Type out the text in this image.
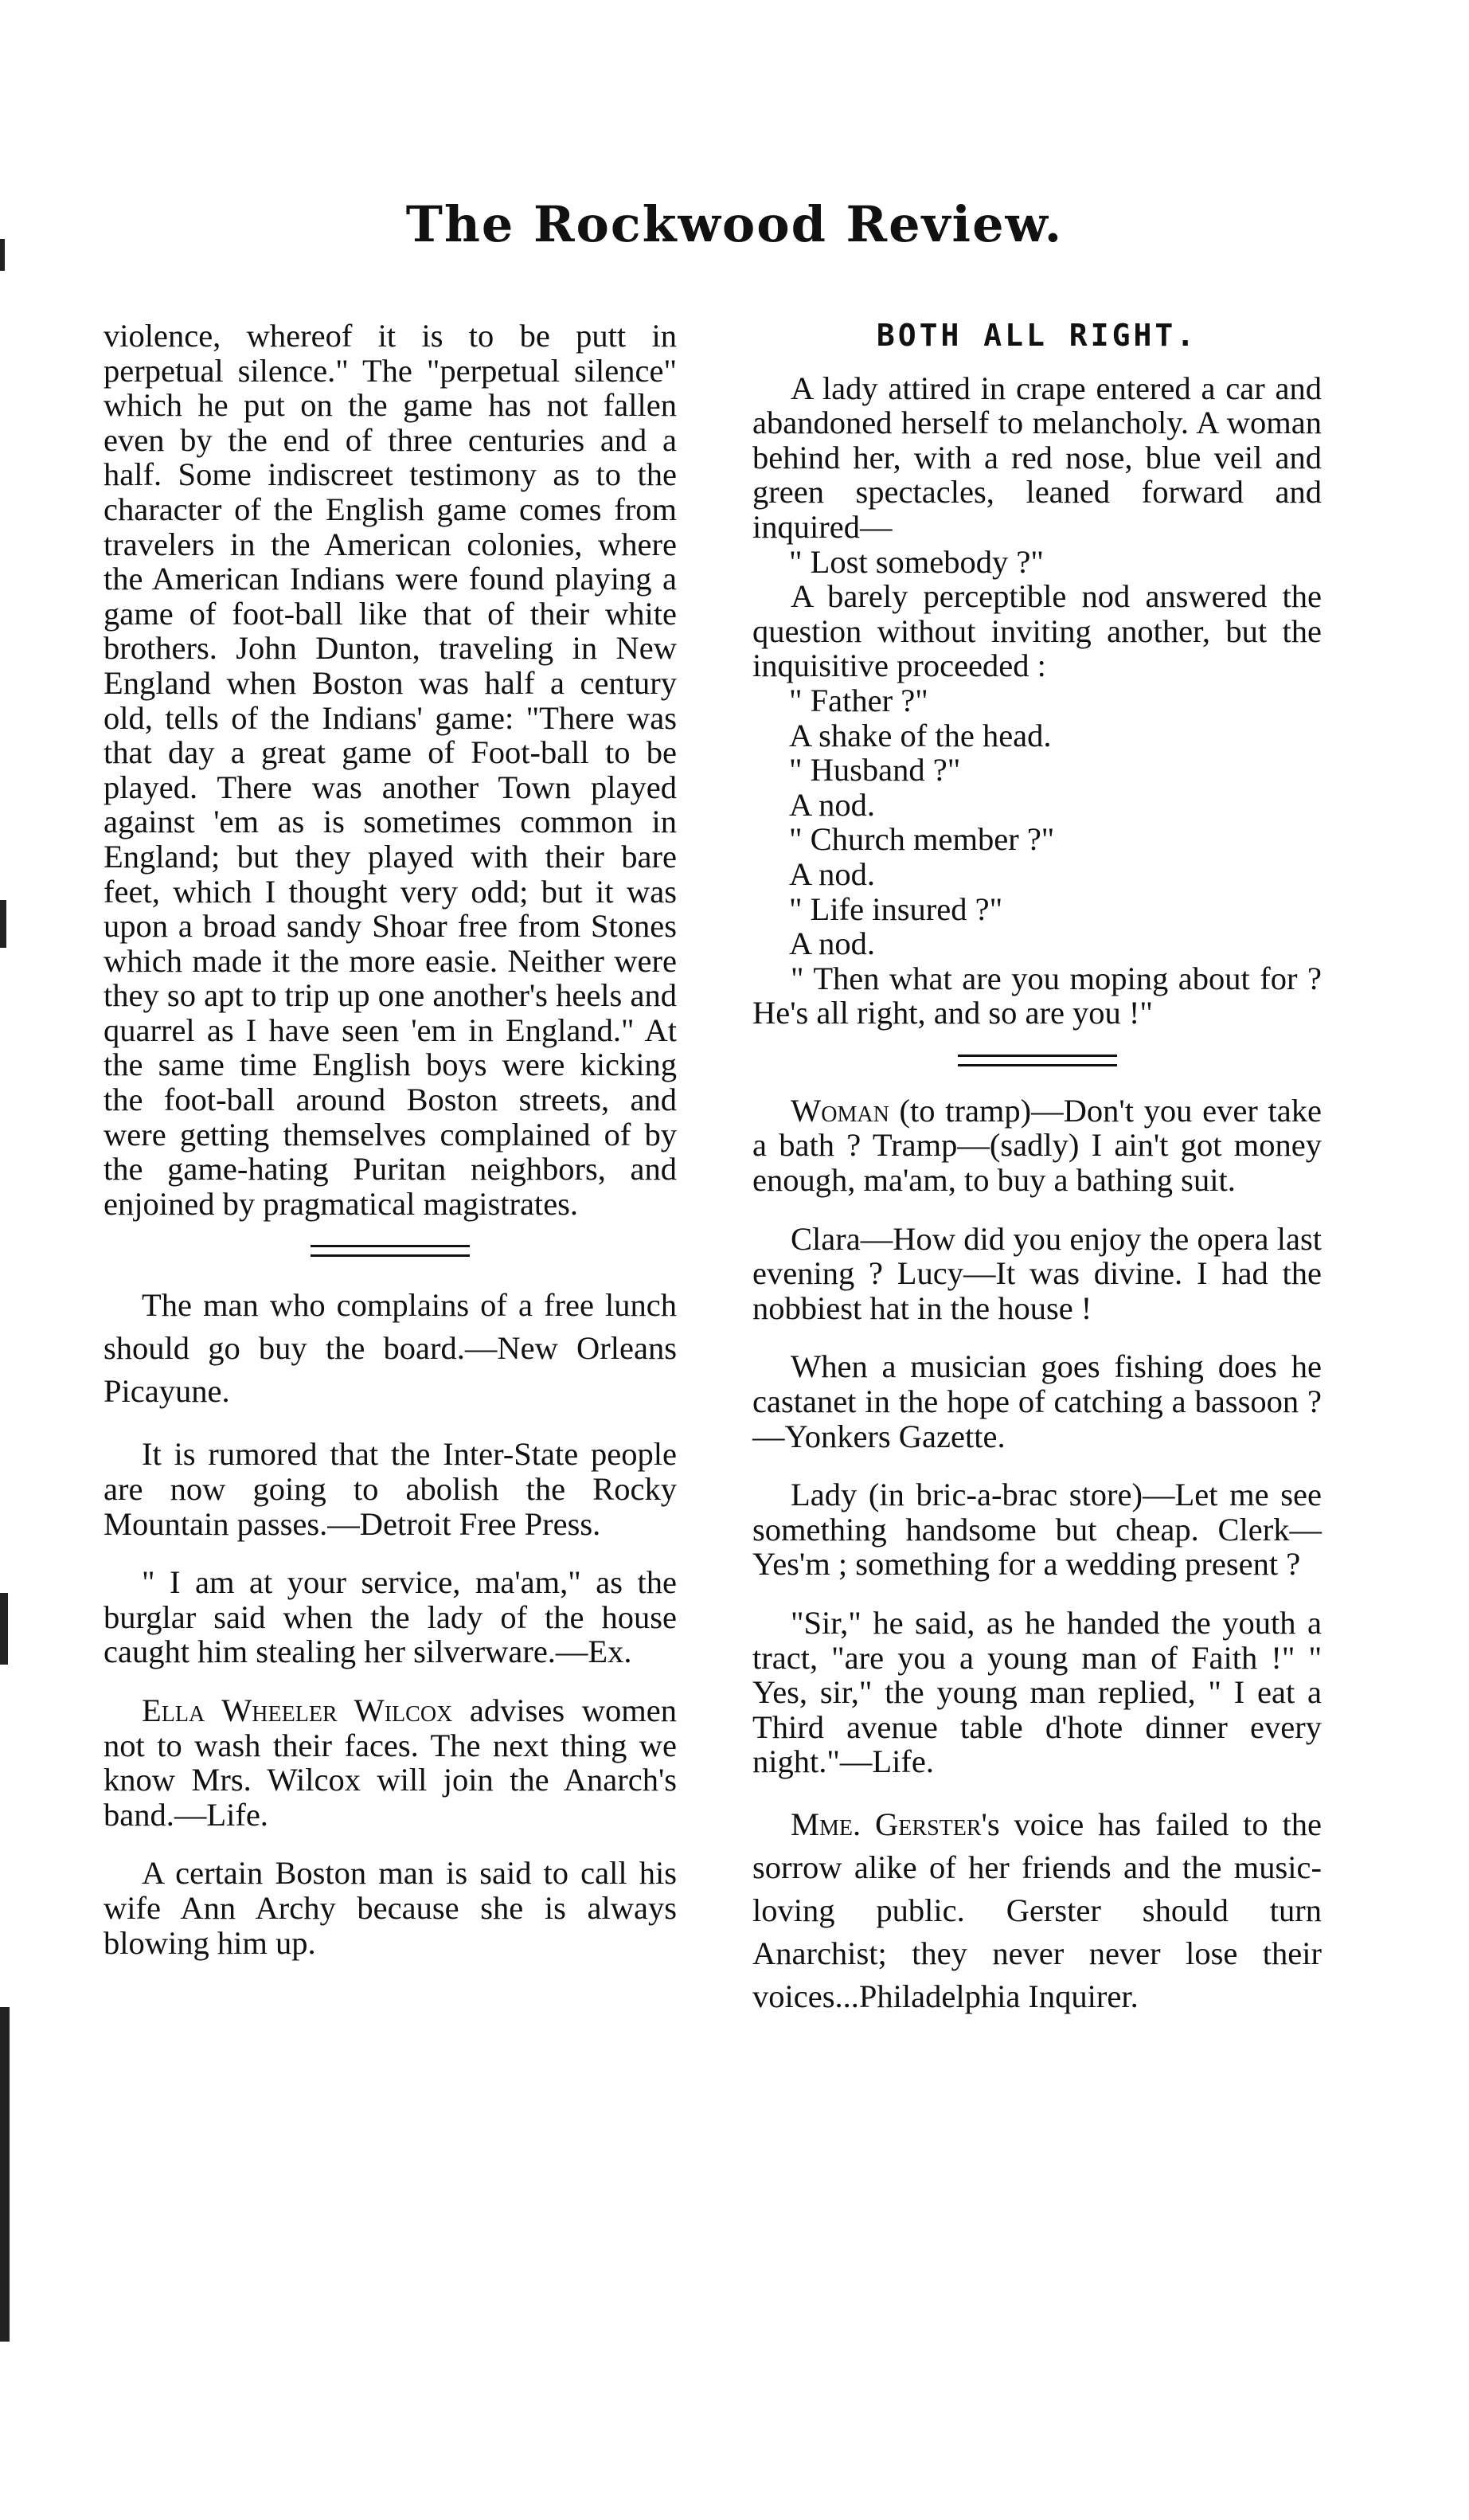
The Rockwood Review.

violence, whereof it is to be putt in perpetual silence." The "perpetual silence" which he put on the game has not fallen even by the end of three centuries and a half. Some indiscreet testimony as to the character of the English game comes from travelers in the American colonies, where the American Indians were found playing a game of foot-ball like that of their white brothers. John Dunton, traveling in New England when Boston was half a century old, tells of the Indians' game: "There was that day a great game of Foot-ball to be played. There was another Town played against 'em as is sometimes common in England; but they played with their bare feet, which I thought very odd; but it was upon a broad sandy Shoar free from Stones which made it the more easie. Neither were they so apt to trip up one another's heels and quarrel as I have seen 'em in England." At the same time English boys were kicking the foot-ball around Boston streets, and were getting themselves complained of by the game-hating Puritan neighbors, and enjoined by pragmatical magistrates.

The man who complains of a free lunch should go buy the board.—New Orleans Picayune.

It is rumored that the Inter-State people are now going to abolish the Rocky Mountain passes.—Detroit Free Press.

" I am at your service, ma'am," as the burglar said when the lady of the house caught him stealing her silverware.—Ex.

Ella Wheeler Wilcox advises women not to wash their faces. The next thing we know Mrs. Wilcox will join the Anarch's band.—Life.

A certain Boston man is said to call his wife Ann Archy because she is always blowing him up.

BOTH ALL RIGHT.

A lady attired in crape entered a car and abandoned herself to melancholy. A woman behind her, with a red nose, blue veil and green spectacles, leaned forward and inquired—

" Lost somebody ?"

A barely perceptible nod answered the question without inviting another, but the inquisitive proceeded :

" Father ?"

A shake of the head.

" Husband ?"

A nod.

" Church member ?"

A nod.

" Life insured ?"

A nod.

" Then what are you moping about for ? He's all right, and so are you !"

Woman (to tramp)—Don't you ever take a bath ? Tramp—(sadly) I ain't got money enough, ma'am, to buy a bathing suit.

Clara—How did you enjoy the opera last evening ? Lucy—It was divine. I had the nobbiest hat in the house !

When a musician goes fishing does he castanet in the hope of catching a bassoon ?—Yonkers Gazette.

Lady (in bric-a-brac store)—Let me see something handsome but cheap. Clerk—Yes'm ; something for a wedding present ?

"Sir," he said, as he handed the youth a tract, "are you a young man of Faith !" " Yes, sir," the young man replied, " I eat a Third avenue table d'hote dinner every night."—Life.

Mme. Gerster's voice has failed to the sorrow alike of her friends and the music-loving public. Gerster should turn Anarchist; they never never lose their voices...Philadelphia Inquirer.
